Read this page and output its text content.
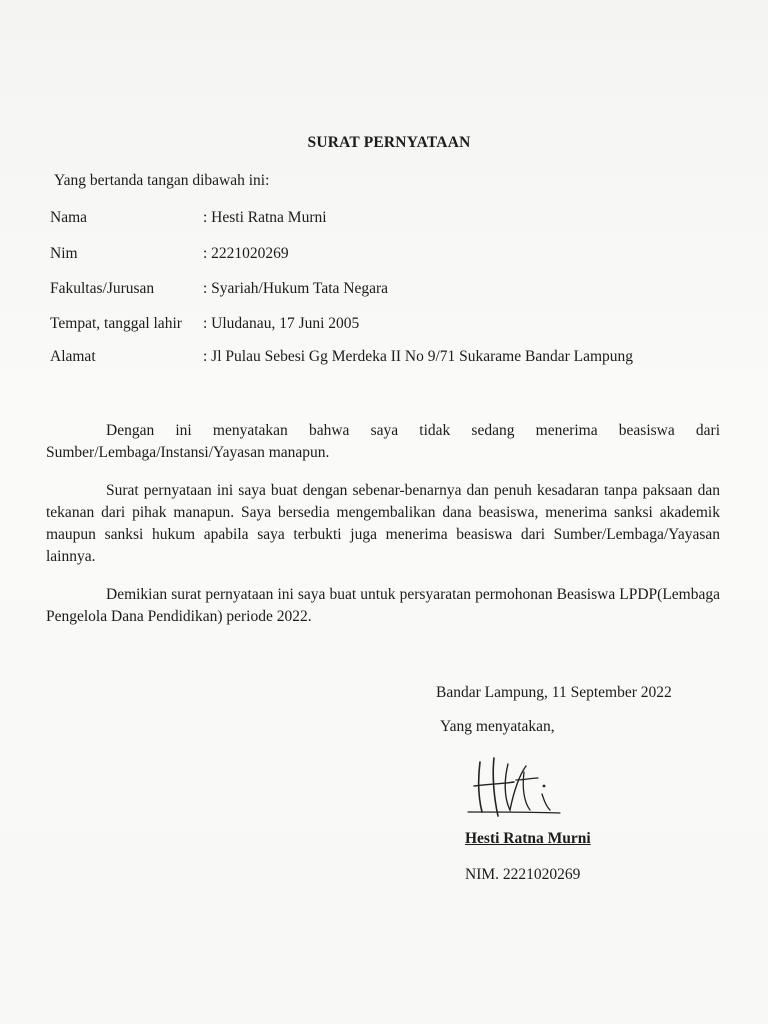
SURAT PERNYATAAN
Yang bertanda tangan dibawah ini:
Nama	: Hesti Ratna Murni
Nim	: 2221020269
Fakultas/Jurusan	: Syariah/Hukum Tata Negara
Tempat, tanggal lahir : Uludanau, 17 Juni 2005
Alamat	: Jl Pulau Sebesi Gg Merdeka II No 9/71 Sukarame Bandar Lampung

Dengan ini menyatakan bahwa saya tidak sedang menerima beasiswa dari Sumber/Lembaga/Instansi/Yayasan manapun.

Surat pernyataan ini saya buat dengan sebenar-benarnya dan penuh kesadaran tanpa paksaan dan tekanan dari pihak manapun. Saya bersedia mengembalikan dana beasiswa, menerima sanksi akademik maupun sanksi hukum apabila saya terbukti juga menerima beasiswa dari Sumber/Lembaga/Yayasan lainnya.

Demikian surat pernyataan ini saya buat untuk persyaratan permohonan Beasiswa LPDP(Lembaga Pengelola Dana Pendidikan) periode 2022.

Bandar Lampung, 11 September 2022
Yang menyatakan,
Hesti Ratna Murni
NIM. 2221020269
